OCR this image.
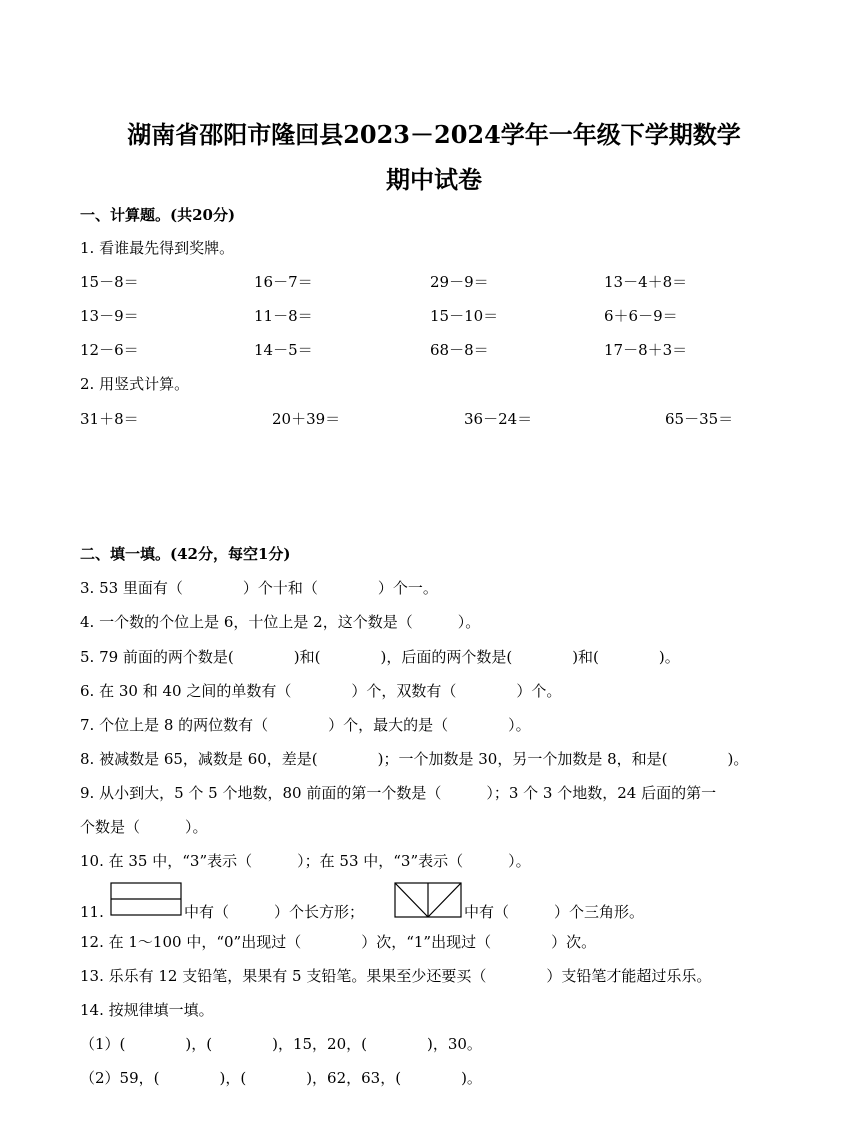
湖南省邵阳市隆回县2023－2024学年一年级下学期数学
期中试卷
一、计算题。(共20分)
1. 看谁最先得到奖牌。
15－8＝	16－7＝	29－9＝	13－4＋8＝
13－9＝	11－8＝	15－10＝	6＋6－9＝
12－6＝	14－5＝	68－8＝	17－8＋3＝
2. 用竖式计算。
31＋8＝	20＋39＝	36－24＝	65－35＝
二、填一填。(42分，每空1分)
3. 53 里面有（　　　　）个十和（　　　　）个一。
4. 一个数的个位上是 6，十位上是 2，这个数是（　　　）。
5. 79 前面的两个数是(　　　　)和(　　　　)，后面的两个数是(　　　　)和(　　　　)。
6. 在 30 和 40 之间的单数有（　　　　）个，双数有（　　　　）个。
7. 个位上是 8 的两位数有（　　　　）个，最大的是（　　　　）。
8. 被减数是 65，减数是 60，差是(　　　　)；一个加数是 30，另一个加数是 8，和是(　　　　)。
9. 从小到大，5 个 5 个地数，80 前面的第一个数是（　　　）；3 个 3 个地数，24 后面的第一
个数是（　　　）。
10. 在 35 中，“3”表示（　　　）；在 53 中，“3”表示（　　　）。
11.	中有（　　　）个长方形；	中有（　　　）个三角形。
12. 在 1～100 中，“0”出现过（　　　　）次，“1”出现过（　　　　）次。
13. 乐乐有 12 支铅笔，果果有 5 支铅笔。果果至少还要买（　　　　）支铅笔才能超过乐乐。
14. 按规律填一填。
（1）(　　　　)，(　　　　)，15，20，(　　　　)，30。
（2）59，(　　　　)，(　　　　)，62，63，(　　　　)。
